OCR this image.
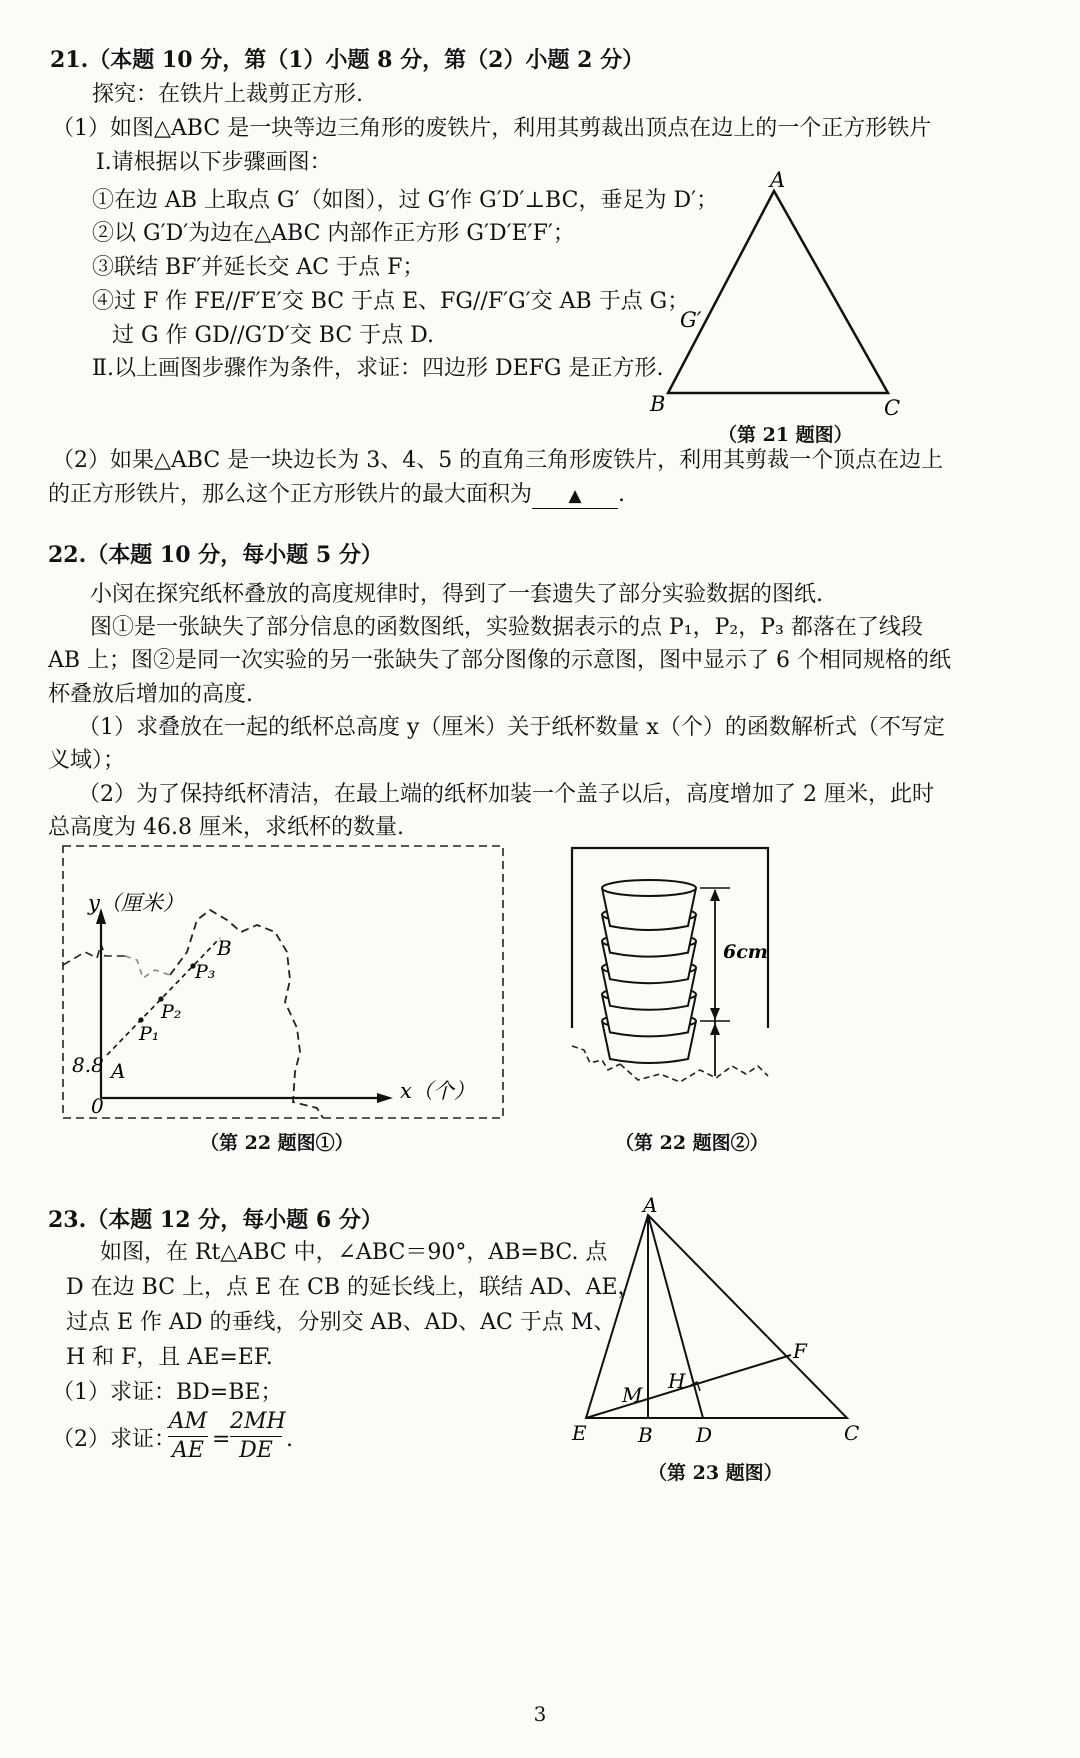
21.（本题 10 分，第（1）小题 8 分，第（2）小题 2 分）
探究：在铁片上裁剪正方形.
（1）如图△ABC 是一块等边三角形的废铁片，利用其剪裁出顶点在边上的一个正方形铁片
Ⅰ.请根据以下步骤画图：
①在边 AB 上取点 G′（如图），过 G′作 G′D′⊥BC，垂足为 D′；
②以 G′D′为边在△ABC 内部作正方形 G′D′E′F′；
③联结 BF′并延长交 AC 于点 F；
④过 F 作 FE//F′E′交 BC 于点 E、FG//F′G′交 AB 于点 G；
过 G 作 GD//G′D′交 BC 于点 D.
Ⅱ.以上画图步骤作为条件，求证：四边形 DEFG 是正方形.
A
B	C
G′
（第 21 题图）
（2）如果△ABC 是一块边长为 3、4、5 的直角三角形废铁片，利用其剪裁一个顶点在边上
的正方形铁片，那么这个正方形铁片的最大面积为 ▲ .
22.（本题 10 分，每小题 5 分）
小闵在探究纸杯叠放的高度规律时，得到了一套遗失了部分实验数据的图纸.
图①是一张缺失了部分信息的函数图纸，实验数据表示的点 P₁，P₂，P₃ 都落在了线段
AB 上；图②是同一次实验的另一张缺失了部分图像的示意图，图中显示了 6 个相同规格的纸
杯叠放后增加的高度.
（1）求叠放在一起的纸杯总高度 y（厘米）关于纸杯数量 x（个）的函数解析式（不写定
义域）；
（2）为了保持纸杯清洁，在最上端的纸杯加装一个盖子以后，高度增加了 2 厘米，此时
总高度为 46.8 厘米，求纸杯的数量.
y（厘米）
x（个）
0
8.8 A
B
P₁
P₂
P₃
（第 22 题图①）
6cm
（第 22 题图②）
23.（本题 12 分，每小题 6 分）
如图，在 Rt△ABC 中，∠ABC＝90°，AB=BC. 点
D 在边 BC 上，点 E 在 CB 的延长线上，联结 AD、AE，
过点 E 作 AD 的垂线，分别交 AB、AD、AC 于点 M、
H 和 F，且 AE=EF.
（1）求证：BD=BE；
（2）求证：
$\frac{AM}{AE} = \frac{2MH}{DE}$ .
A
E	B D	C
F
H
M
（第 23 题图）
3
